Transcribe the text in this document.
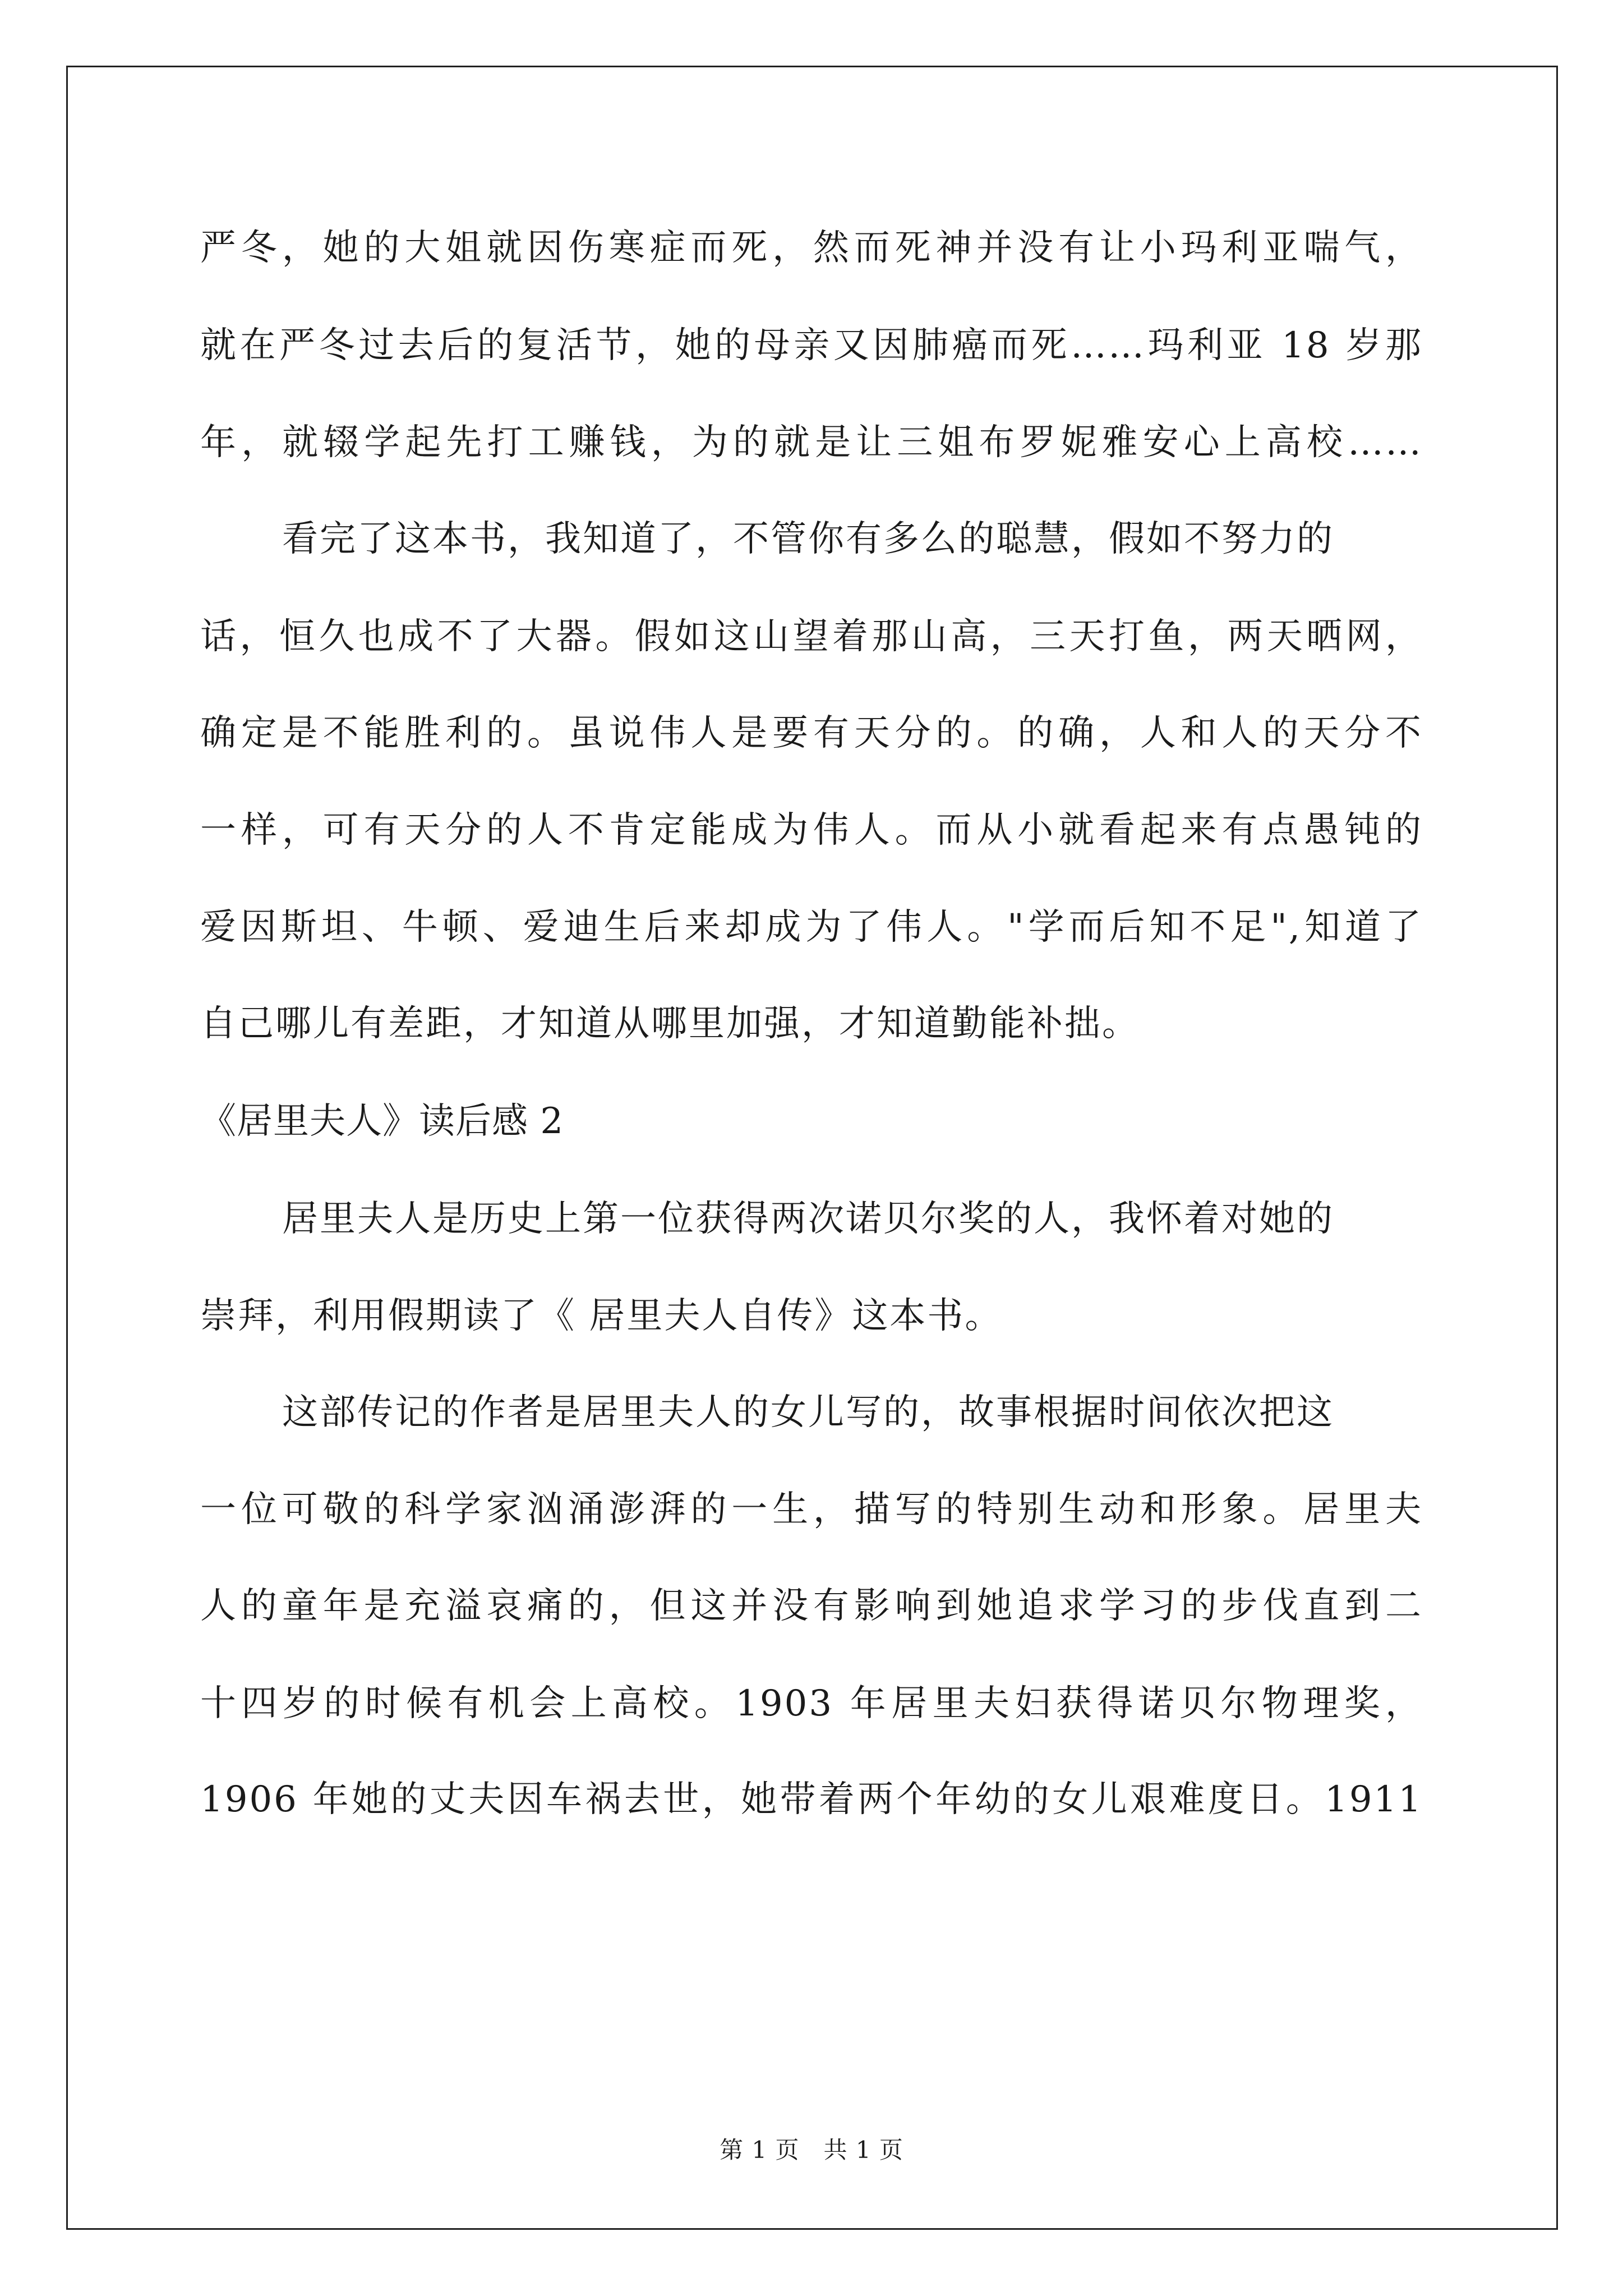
严冬，她的大姐就因伤寒症而死，然而死神并没有让小玛利亚喘气，
就在严冬过去后的复活节，她的母亲又因肺癌而死……玛利亚 18 岁那
年，就辍学起先打工赚钱，为的就是让三姐布罗妮雅安心上高校……
看完了这本书，我知道了，不管你有多么的聪慧，假如不努力的
话，恒久也成不了大器。假如这山望着那山高，三天打鱼，两天晒网，
确定是不能胜利的。虽说伟人是要有天分的。的确，人和人的天分不
一样，可有天分的人不肯定能成为伟人。而从小就看起来有点愚钝的
爱因斯坦、牛顿、爱迪生后来却成为了伟人。"学而后知不足",知道了
自己哪儿有差距，才知道从哪里加强，才知道勤能补拙。
《居里夫人》读后感 2
居里夫人是历史上第一位获得两次诺贝尔奖的人，我怀着对她的
崇拜，利用假期读了《 居里夫人自传》这本书。
这部传记的作者是居里夫人的女儿写的，故事根据时间依次把这
一位可敬的科学家汹涌澎湃的一生，描写的特别生动和形象。居里夫
人的童年是充溢哀痛的，但这并没有影响到她追求学习的步伐直到二
十四岁的时候有机会上高校。1903 年居里夫妇获得诺贝尔物理奖，
1906 年她的丈夫因车祸去世，她带着两个年幼的女儿艰难度日。1911
第 1 页　共 1 页
